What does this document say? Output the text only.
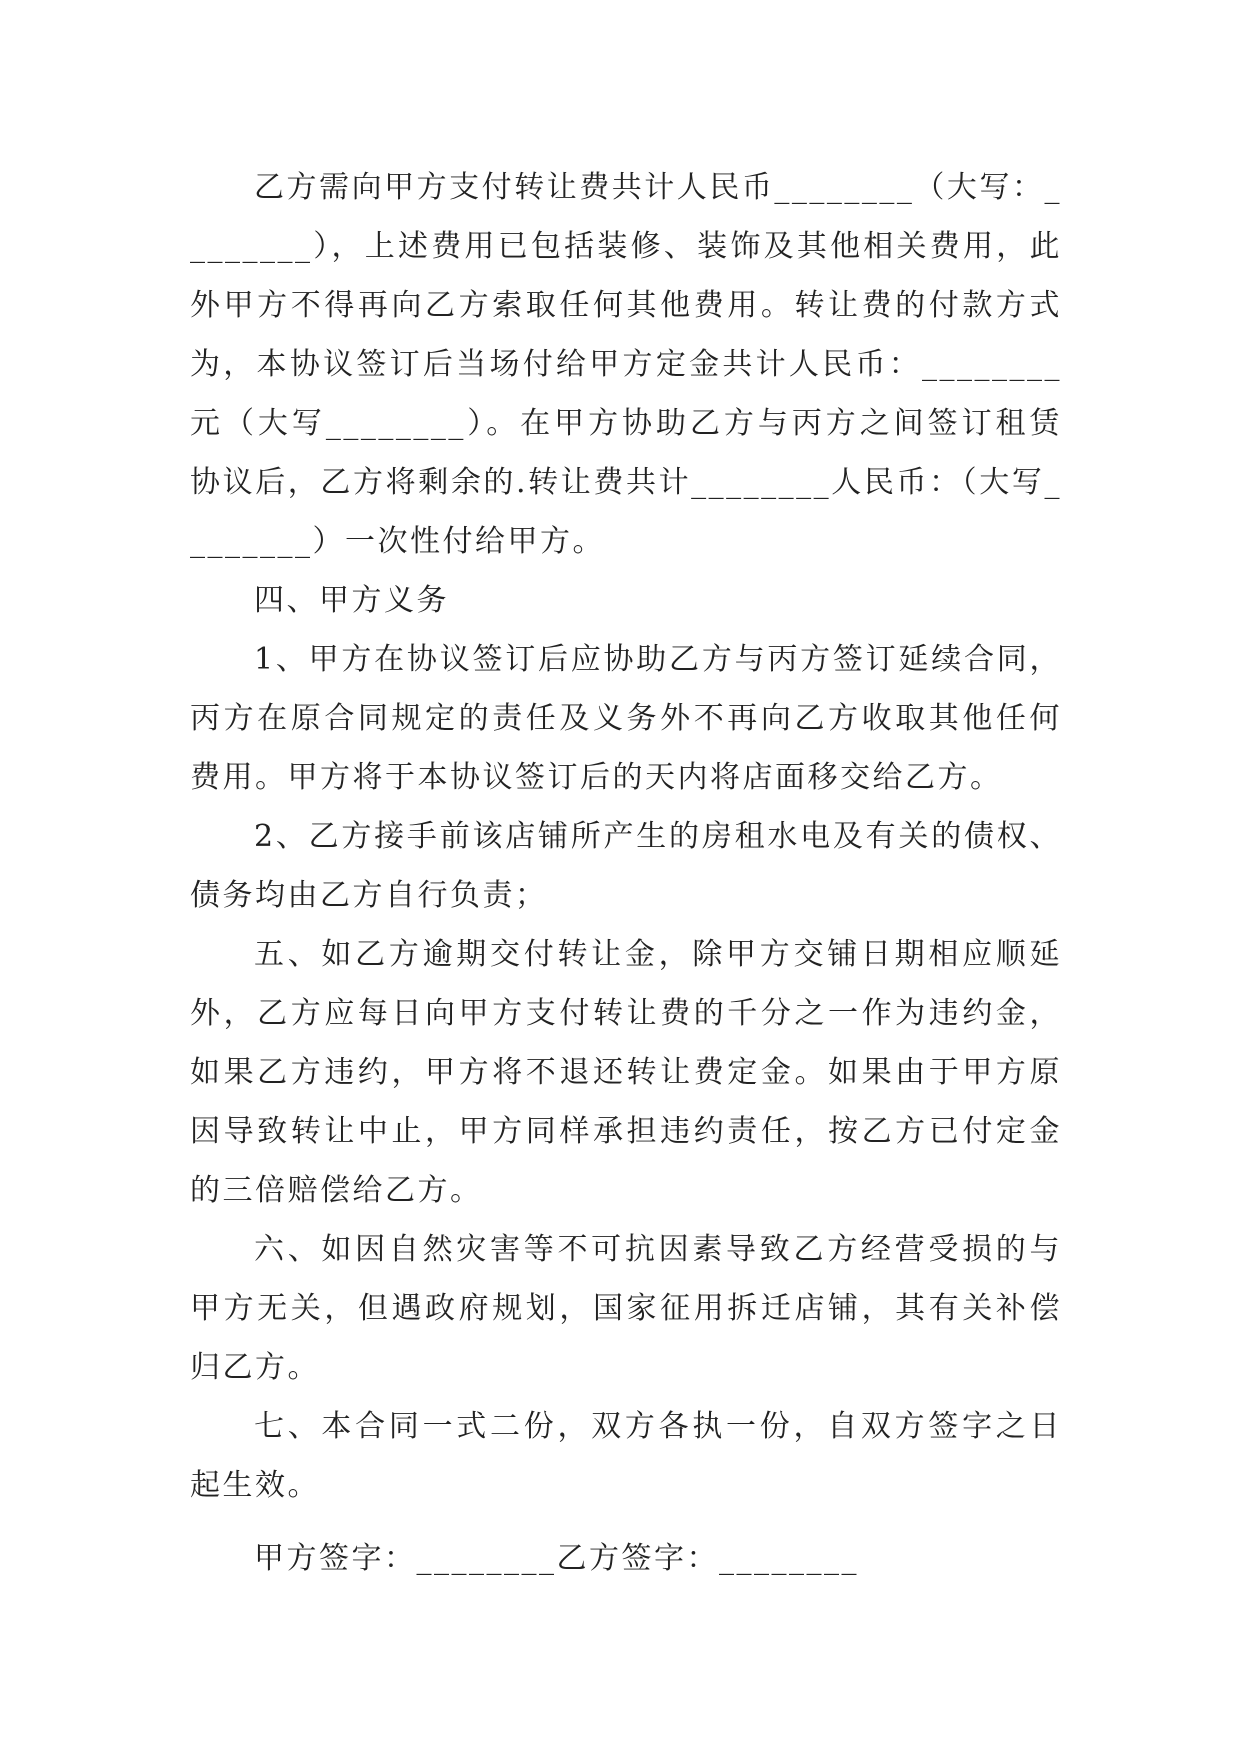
乙方需向甲方支付转让费共计人民币________（大写：________），上述费用已包括装修、装饰及其他相关费用，此外甲方不得再向乙方索取任何其他费用。转让费的付款方式为，本协议签订后当场付给甲方定金共计人民币：________元（大写________）。在甲方协助乙方与丙方之间签订租赁协议后，乙方将剩余的.转让费共计________人民币：（大写________）一次性付给甲方。

四、甲方义务

1、甲方在协议签订后应协助乙方与丙方签订延续合同，丙方在原合同规定的责任及义务外不再向乙方收取其他任何费用。甲方将于本协议签订后的天内将店面移交给乙方。

2、乙方接手前该店铺所产生的房租水电及有关的债权、债务均由乙方自行负责；

五、如乙方逾期交付转让金，除甲方交铺日期相应顺延外，乙方应每日向甲方支付转让费的千分之一作为违约金，如果乙方违约，甲方将不退还转让费定金。如果由于甲方原因导致转让中止，甲方同样承担违约责任，按乙方已付定金的三倍赔偿给乙方。

六、如因自然灾害等不可抗因素导致乙方经营受损的与甲方无关，但遇政府规划，国家征用拆迁店铺，其有关补偿归乙方。

七、本合同一式二份，双方各执一份，自双方签字之日起生效。

甲方签字：________乙方签字：________
